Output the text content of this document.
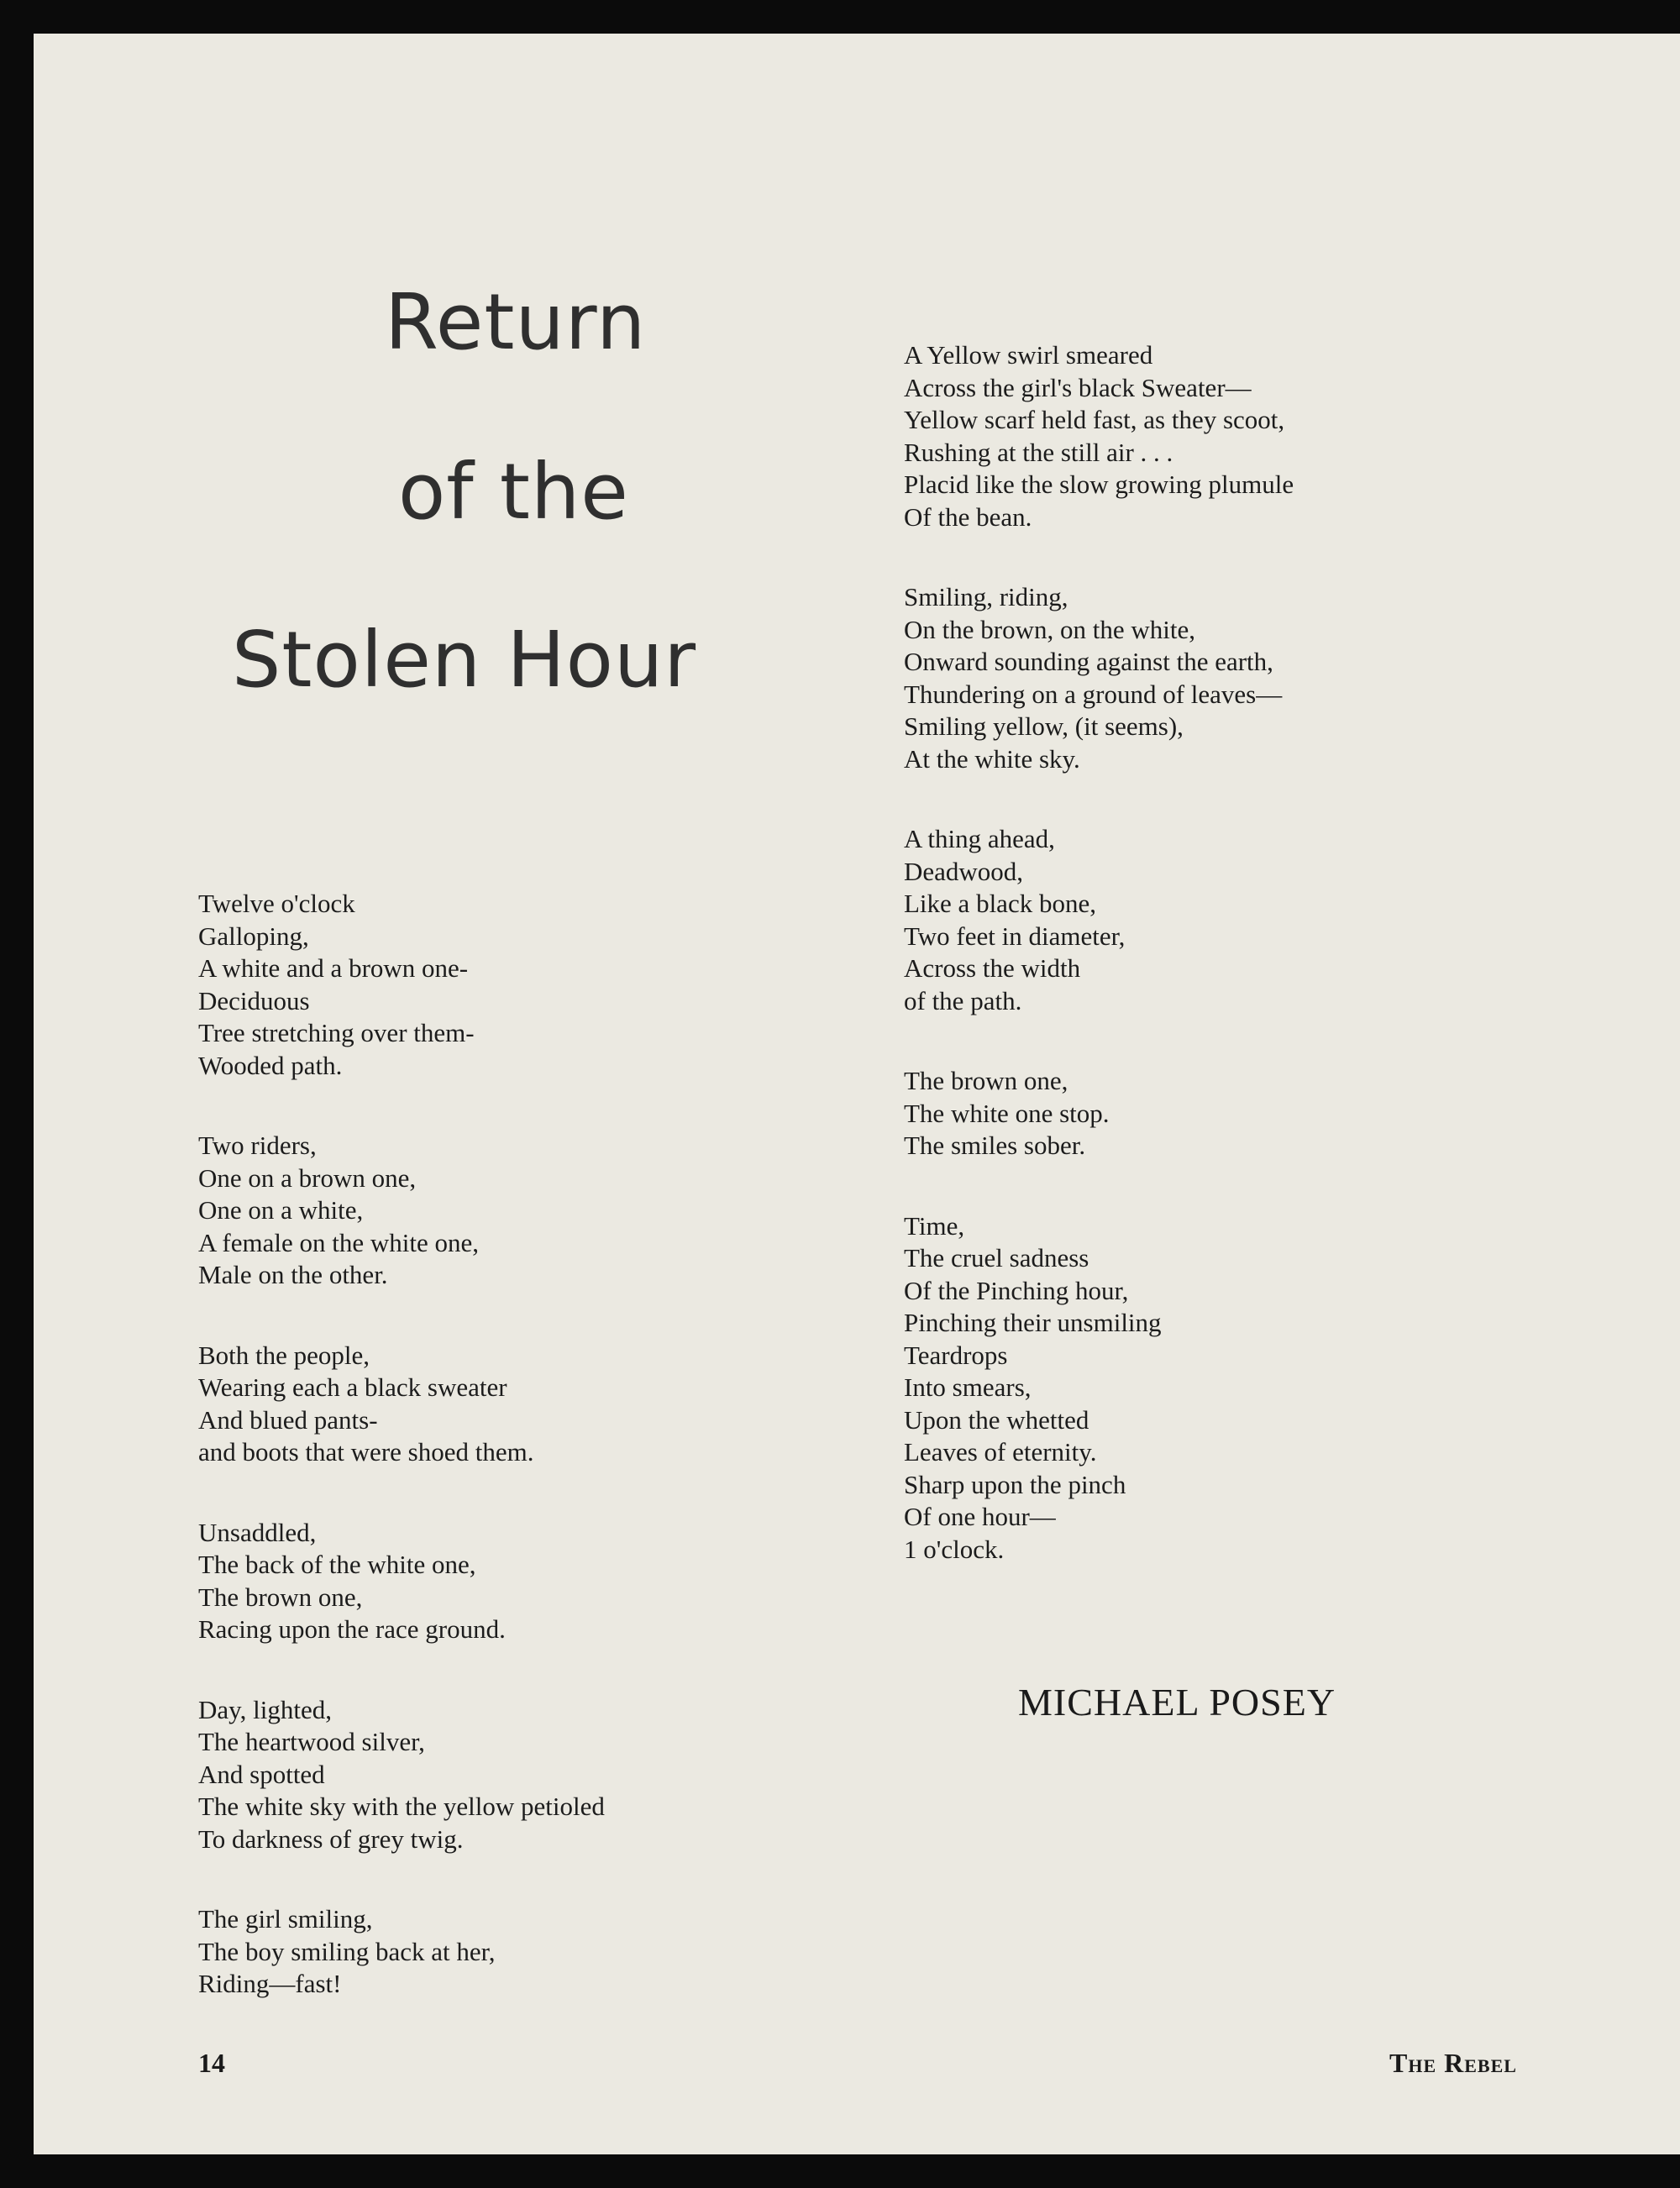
Return
of the
Stolen Hour
Twelve o'clock
Galloping,
A white and a brown one-
Deciduous
Tree stretching over them-
Wooded path.
Two riders,
One on a brown one,
One on a white,
A female on the white one,
Male on the other.
Both the people,
Wearing each a black sweater
And blued pants-
and boots that were shoed them.
Unsaddled,
The back of the white one,
The brown one,
Racing upon the race ground.
Day, lighted,
The heartwood silver,
And spotted
The white sky with the yellow petioled
To darkness of grey twig.
The girl smiling,
The boy smiling back at her,
Riding—fast!
A Yellow swirl smeared
Across the girl's black Sweater—
Yellow scarf held fast, as they scoot,
Rushing at the still air . . .
Placid like the slow growing plumule
Of the bean.
Smiling, riding,
On the brown, on the white,
Onward sounding against the earth,
Thundering on a ground of leaves—
Smiling yellow, (it seems),
At the white sky.
A thing ahead,
Deadwood,
Like a black bone,
Two feet in diameter,
Across the width
of the path.
The brown one,
The white one stop.
The smiles sober.
Time,
The cruel sadness
Of the Pinching hour,
Pinching their unsmiling
Teardrops
Into smears,
Upon the whetted
Leaves of eternity.
Sharp upon the pinch
Of one hour—
1 o'clock.
MICHAEL POSEY
14	The Rebel
